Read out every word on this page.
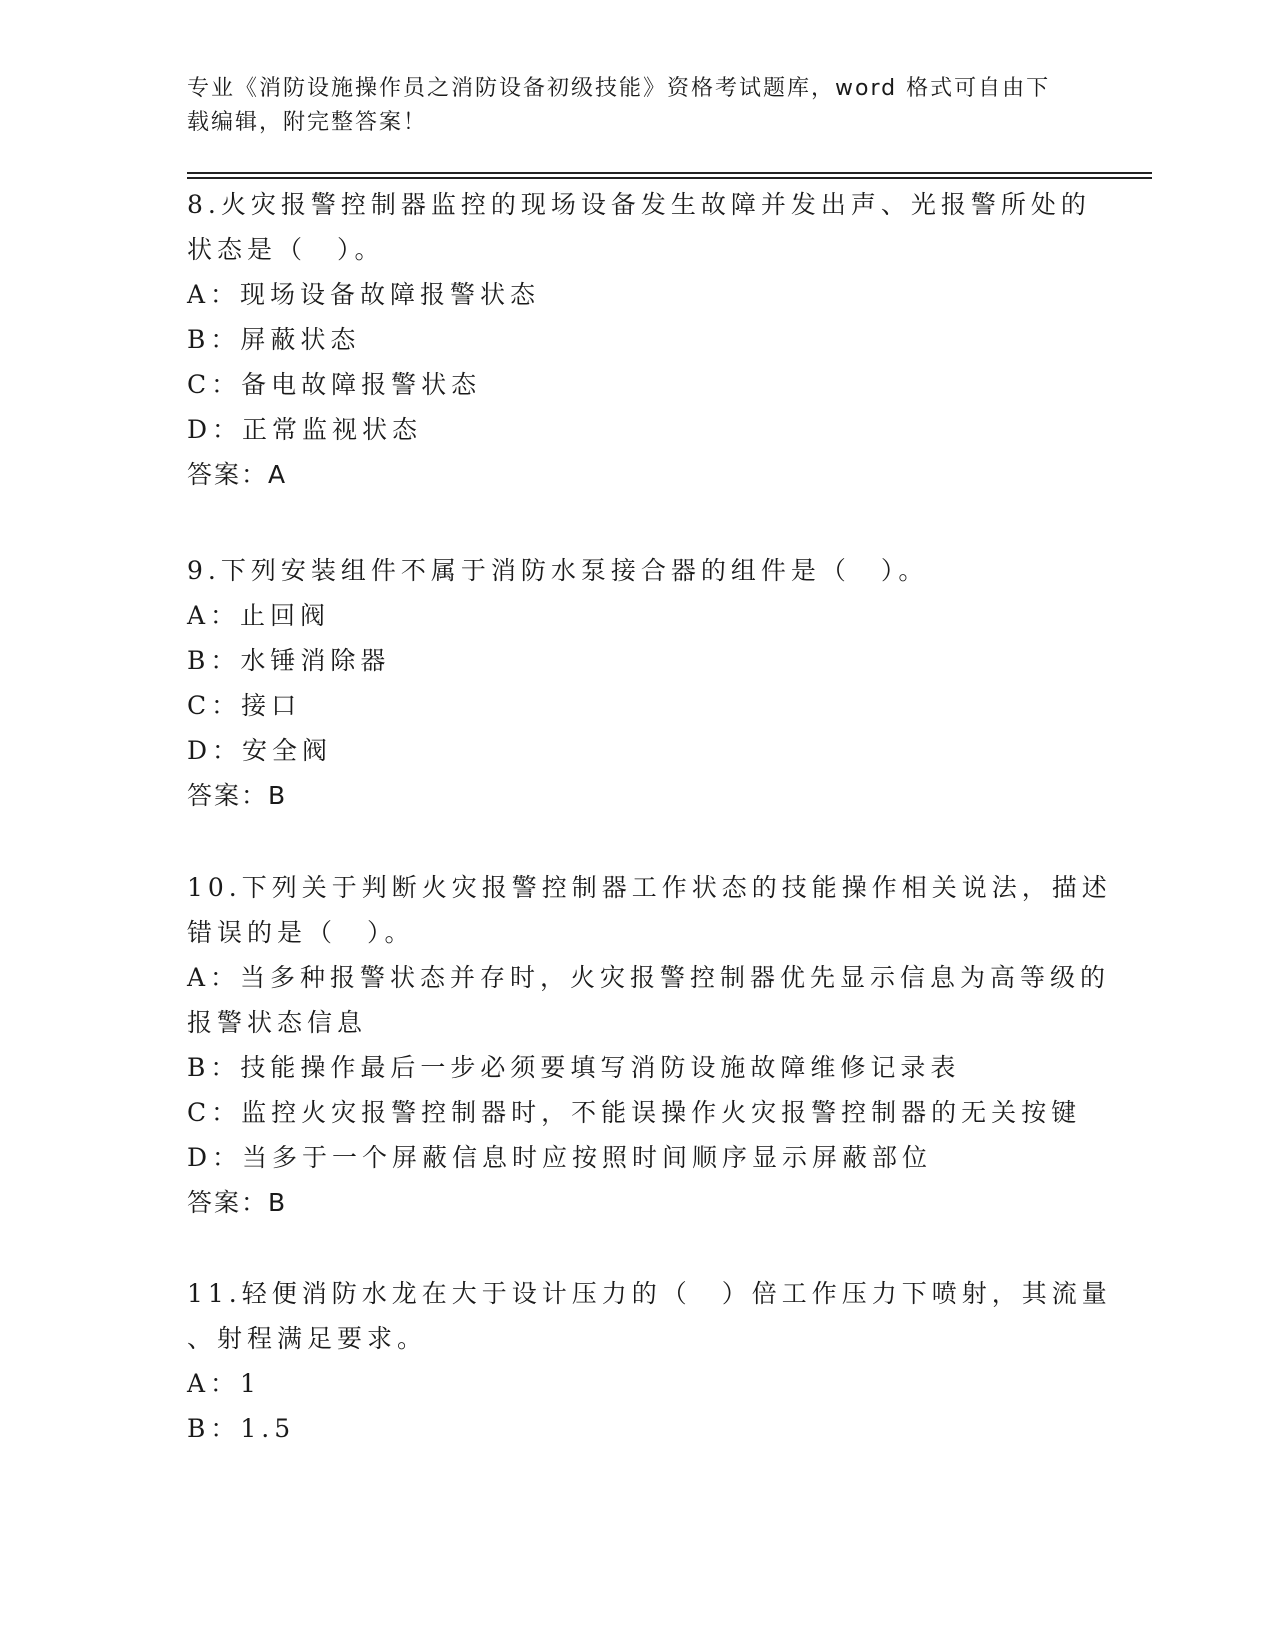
专业《消防设施操作员之消防设备初级技能》资格考试题库，word 格式可自由下
载编辑，附完整答案！
8.火灾报警控制器监控的现场设备发生故障并发出声、光报警所处的
状态是（　）。
A：现场设备故障报警状态
B：屏蔽状态
C：备电故障报警状态
D：正常监视状态
答案：A
9.下列安装组件不属于消防水泵接合器的组件是（　）。
A：止回阀
B：水锤消除器
C：接口
D：安全阀
答案：B
10.下列关于判断火灾报警控制器工作状态的技能操作相关说法，描述
错误的是（　）。
A：当多种报警状态并存时，火灾报警控制器优先显示信息为高等级的
报警状态信息
B：技能操作最后一步必须要填写消防设施故障维修记录表
C：监控火灾报警控制器时，不能误操作火灾报警控制器的无关按键
D：当多于一个屏蔽信息时应按照时间顺序显示屏蔽部位
答案：B
11.轻便消防水龙在大于设计压力的（　）倍工作压力下喷射，其流量
、射程满足要求。
A：1
B：1.5
